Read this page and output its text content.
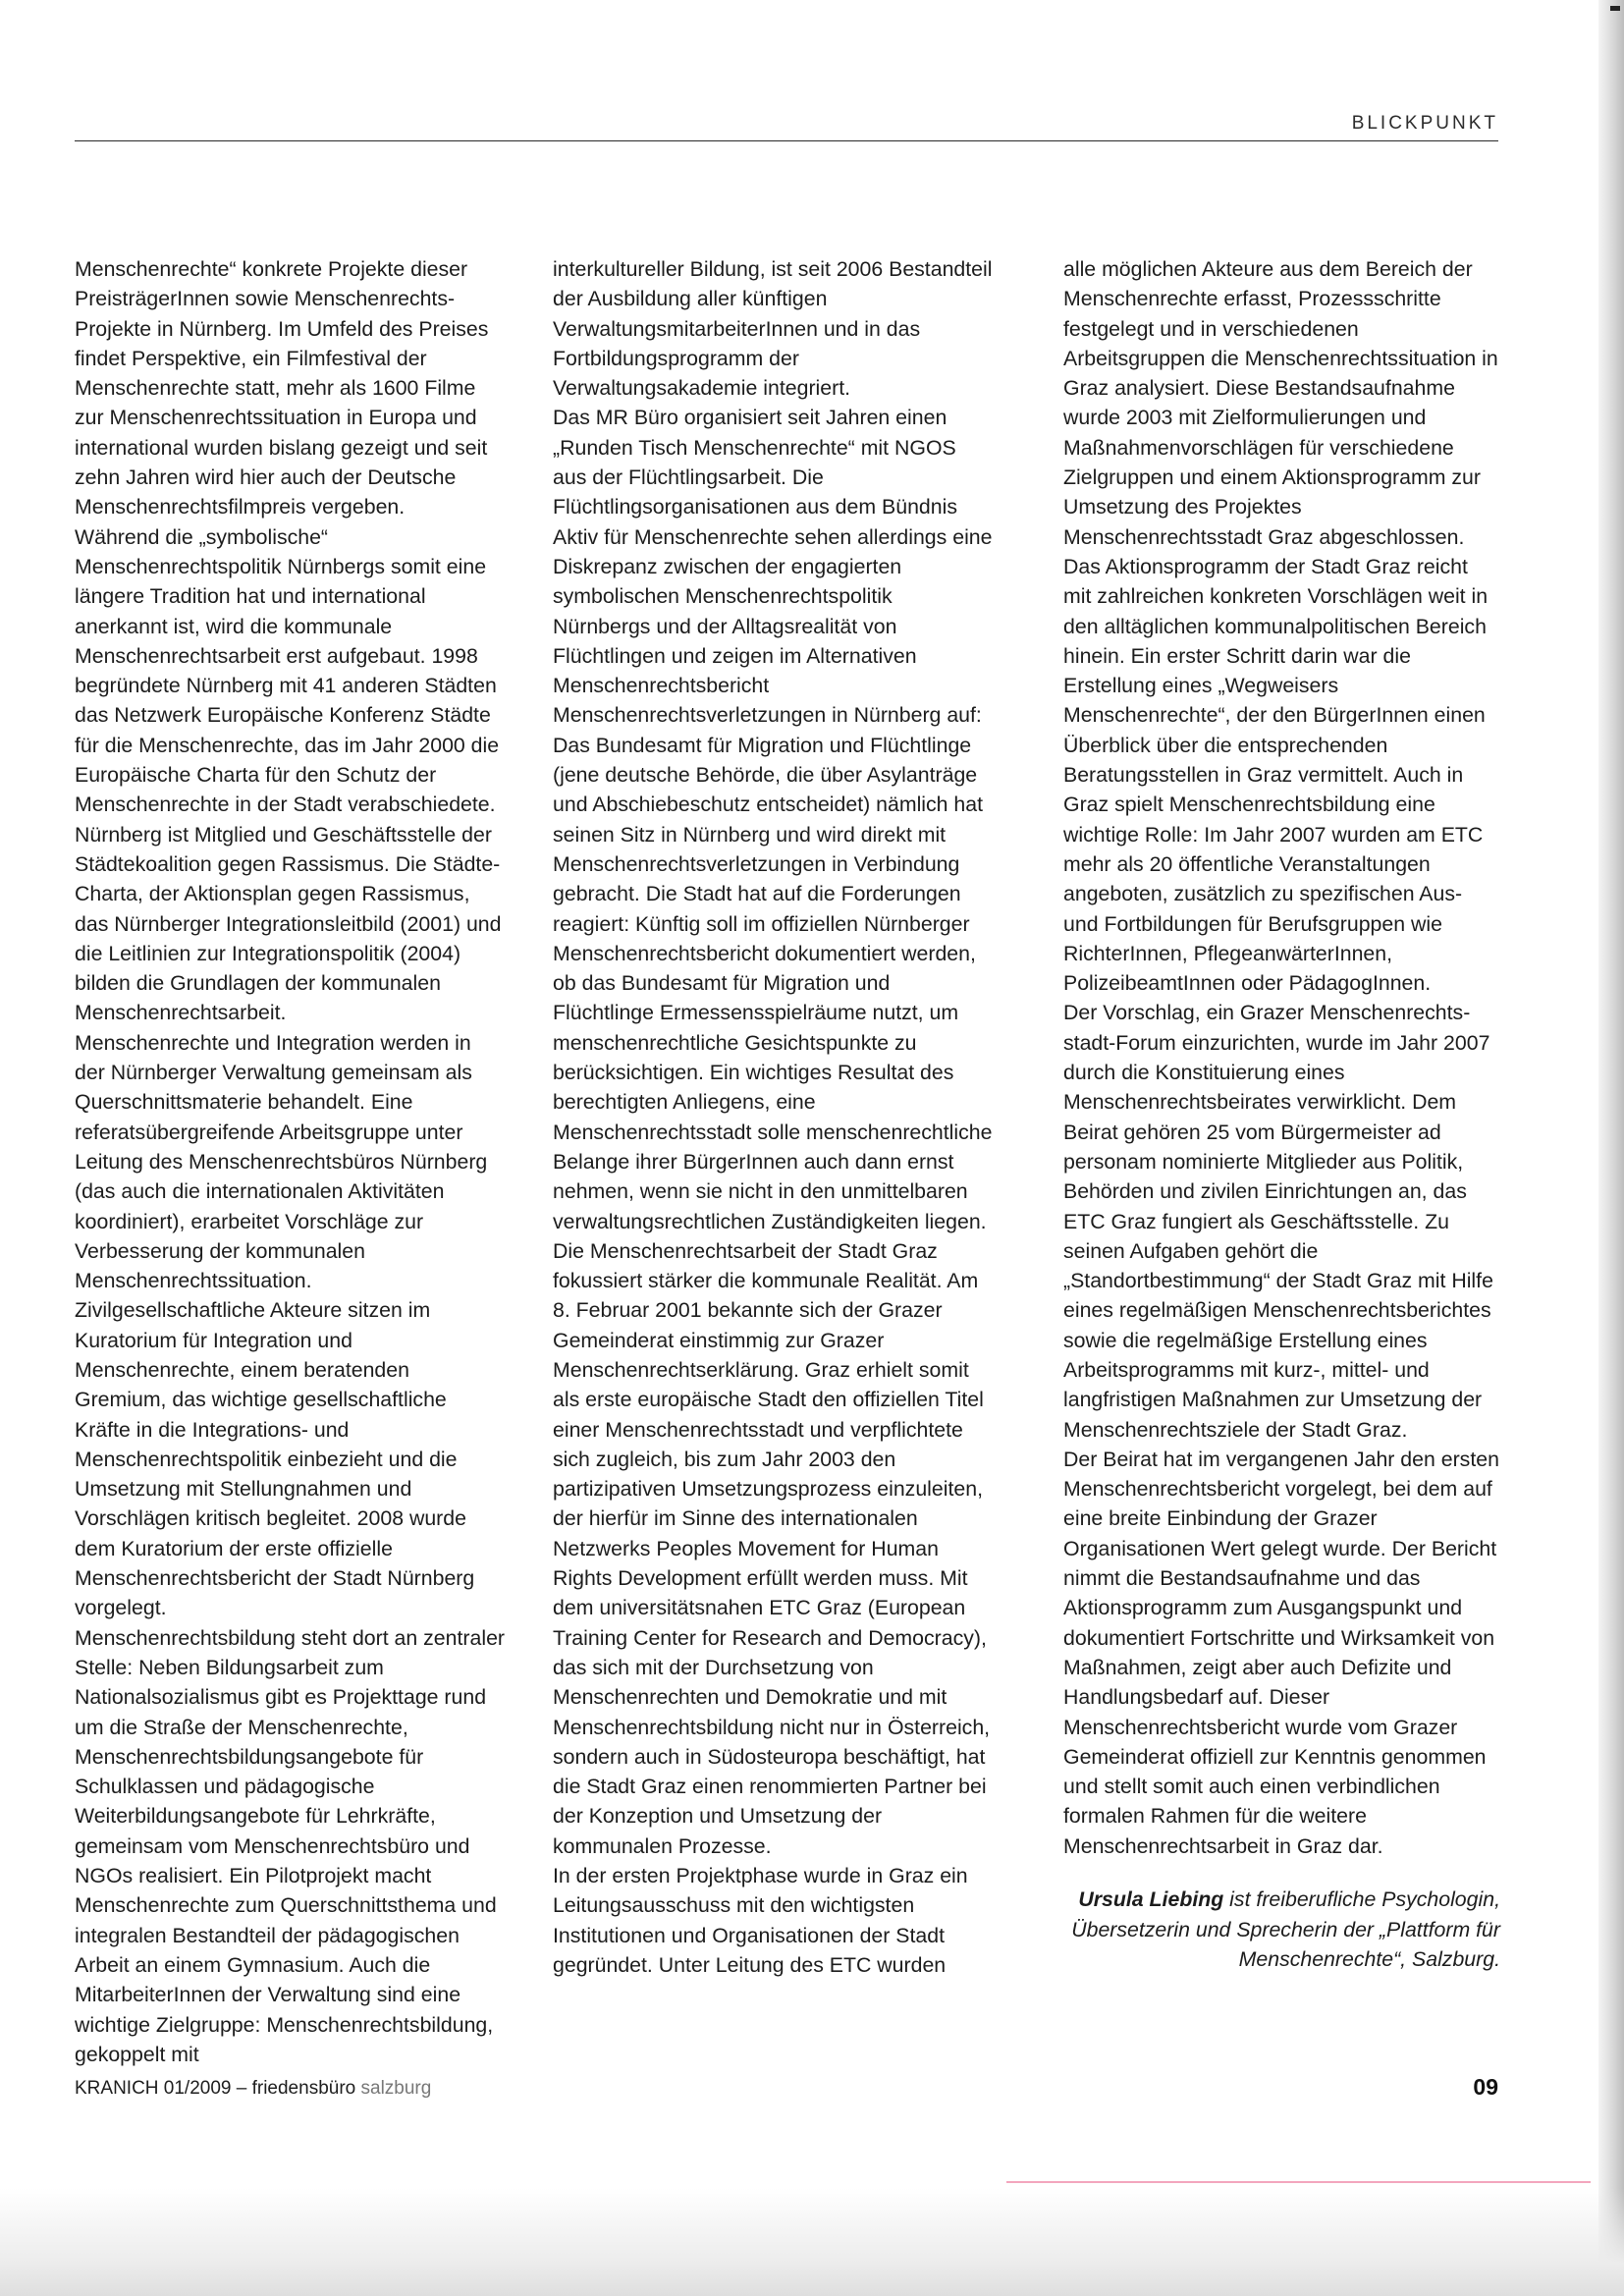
BLICKPUNKT

Menschenrechte“ konkrete Projekte dieser PreisträgerInnen sowie Menschenrechts-Projekte in Nürnberg. Im Umfeld des Preises findet Perspektive, ein Filmfestival der Menschenrechte statt, mehr als 1600 Filme zur Menschenrechtssituation in Europa und international wurden bislang gezeigt und seit zehn Jahren wird hier auch der Deutsche Menschenrechtsfilmpreis vergeben.

Während die „symbolische“ Menschenrechtspolitik Nürnbergs somit eine längere Tradition hat und international anerkannt ist, wird die kommunale Menschenrechtsarbeit erst aufgebaut. 1998 begründete Nürnberg mit 41 anderen Städten das Netzwerk Europäische Konferenz Städte für die Menschenrechte, das im Jahr 2000 die Europäische Charta für den Schutz der Menschenrechte in der Stadt verabschiedete. Nürnberg ist Mitglied und Geschäftsstelle der Städtekoalition gegen Rassismus. Die Städte-Charta, der Aktionsplan gegen Rassismus, das Nürnberger Integrationsleitbild (2001) und die Leitlinien zur Integrationspolitik (2004) bilden die Grundlagen der kommunalen Menschenrechtsarbeit.

Menschenrechte und Integration werden in der Nürnberger Verwaltung gemeinsam als Querschnittsmaterie behandelt. Eine referatsübergreifende Arbeitsgruppe unter Leitung des Menschenrechtsbüros Nürnberg (das auch die internationalen Aktivitäten koordiniert), erarbeitet Vorschläge zur Verbesserung der kommunalen Menschenrechtssituation. Zivilgesellschaftliche Akteure sitzen im Kuratorium für Integration und Menschenrechte, einem beratenden Gremium, das wichtige gesellschaftliche Kräfte in die Integrations- und Menschenrechtspolitik einbezieht und die Umsetzung mit Stellungnahmen und Vorschlägen kritisch begleitet. 2008 wurde dem Kuratorium der erste offizielle Menschenrechtsbericht der Stadt Nürnberg vorgelegt.

Menschenrechtsbildung steht dort an zentraler Stelle: Neben Bildungsarbeit zum Nationalsozialismus gibt es Projekttage rund um die Straße der Menschenrechte, Menschenrechtsbildungsangebote für Schulklassen und pädagogische Weiterbildungsangebote für Lehrkräfte, gemeinsam vom Menschenrechtsbüro und NGOs realisiert. Ein Pilotprojekt macht Menschenrechte zum Querschnittsthema und integralen Bestandteil der pädagogischen Arbeit an einem Gymnasium. Auch die MitarbeiterInnen der Verwaltung sind eine wichtige Zielgruppe: Menschenrechtsbildung, gekoppelt mit

interkultureller Bildung, ist seit 2006 Bestandteil der Ausbildung aller künftigen VerwaltungsmitarbeiterInnen und in das Fortbildungsprogramm der Verwaltungsakademie integriert.

Das MR Büro organisiert seit Jahren einen „Runden Tisch Menschenrechte“ mit NGOS aus der Flüchtlingsarbeit. Die Flüchtlingsorganisationen aus dem Bündnis Aktiv für Menschenrechte sehen allerdings eine Diskrepanz zwischen der engagierten symbolischen Menschenrechtspolitik Nürnbergs und der Alltagsrealität von Flüchtlingen und zeigen im Alternativen Menschenrechtsbericht Menschenrechtsverletzungen in Nürnberg auf: Das Bundesamt für Migration und Flüchtlinge (jene deutsche Behörde, die über Asylanträge und Abschiebeschutz entscheidet) nämlich hat seinen Sitz in Nürnberg und wird direkt mit Menschenrechtsverletzungen in Verbindung gebracht. Die Stadt hat auf die Forderungen reagiert: Künftig soll im offiziellen Nürnberger Menschenrechtsbericht dokumentiert werden, ob das Bundesamt für Migration und Flüchtlinge Ermessensspielräume nutzt, um menschenrechtliche Gesichtspunkte zu berücksichtigen. Ein wichtiges Resultat des berechtigten Anliegens, eine Menschenrechtsstadt solle menschenrechtliche Belange ihrer BürgerInnen auch dann ernst nehmen, wenn sie nicht in den unmittelbaren verwaltungsrechtlichen Zuständigkeiten liegen.

Die Menschenrechtsarbeit der Stadt Graz fokussiert stärker die kommunale Realität. Am 8. Februar 2001 bekannte sich der Grazer Gemeinderat einstimmig zur Grazer Menschenrechtserklärung. Graz erhielt somit als erste europäische Stadt den offiziellen Titel einer Menschenrechtsstadt und verpflichtete sich zugleich, bis zum Jahr 2003 den partizipativen Umsetzungsprozess einzuleiten, der hierfür im Sinne des internationalen Netzwerks Peoples Movement for Human Rights Development erfüllt werden muss. Mit dem universitätsnahen ETC Graz (European Training Center for Research and Democracy), das sich mit der Durchsetzung von Menschenrechten und Demokratie und mit Menschenrechtsbildung nicht nur in Österreich, sondern auch in Südosteuropa beschäftigt, hat die Stadt Graz einen renommierten Partner bei der Konzeption und Umsetzung der kommunalen Prozesse.

In der ersten Projektphase wurde in Graz ein Leitungsausschuss mit den wichtigsten Institutionen und Organisationen der Stadt gegründet. Unter Leitung des ETC wurden

alle möglichen Akteure aus dem Bereich der Menschenrechte erfasst, Prozessschritte festgelegt und in verschiedenen Arbeitsgruppen die Menschenrechtssituation in Graz analysiert. Diese Bestandsaufnahme wurde 2003 mit Zielformulierungen und Maßnahmenvorschlägen für verschiedene Zielgruppen und einem Aktionsprogramm zur Umsetzung des Projektes Menschenrechtsstadt Graz abgeschlossen.

Das Aktionsprogramm der Stadt Graz reicht mit zahlreichen konkreten Vorschlägen weit in den alltäglichen kommunalpolitischen Bereich hinein. Ein erster Schritt darin war die Erstellung eines „Wegweisers Menschenrechte“, der den BürgerInnen einen Überblick über die entsprechenden Beratungsstellen in Graz vermittelt. Auch in Graz spielt Menschenrechtsbildung eine wichtige Rolle: Im Jahr 2007 wurden am ETC mehr als 20 öffentliche Veranstaltungen angeboten, zusätzlich zu spezifischen Aus- und Fortbildungen für Berufsgruppen wie RichterInnen, PflegeanwärterInnen, PolizeibeamtInnen oder PädagogInnen.

Der Vorschlag, ein Grazer Menschenrechts-stadt-Forum einzurichten, wurde im Jahr 2007 durch die Konstituierung eines Menschenrechtsbeirates verwirklicht. Dem Beirat gehören 25 vom Bürgermeister ad personam nominierte Mitglieder aus Politik, Behörden und zivilen Einrichtungen an, das ETC Graz fungiert als Geschäftsstelle. Zu seinen Aufgaben gehört die „Standortbestimmung“ der Stadt Graz mit Hilfe eines regelmäßigen Menschenrechtsberichtes sowie die regelmäßige Erstellung eines Arbeitsprogramms mit kurz-, mittel- und langfristigen Maßnahmen zur Umsetzung der Menschenrechtsziele der Stadt Graz.

Der Beirat hat im vergangenen Jahr den ersten Menschenrechtsbericht vorgelegt, bei dem auf eine breite Einbindung der Grazer Organisationen Wert gelegt wurde. Der Bericht nimmt die Bestandsaufnahme und das Aktionsprogramm zum Ausgangspunkt und dokumentiert Fortschritte und Wirksamkeit von Maßnahmen, zeigt aber auch Defizite und Handlungsbedarf auf. Dieser Menschenrechtsbericht wurde vom Grazer Gemeinderat offiziell zur Kenntnis genommen und stellt somit auch einen verbindlichen formalen Rahmen für die weitere Menschenrechtsarbeit in Graz dar.

Ursula Liebing ist freiberufliche Psychologin, Übersetzerin und Sprecherin der „Plattform für Menschenrechte“, Salzburg.

KRANICH 01/2009 – friedensbüro salzburg	09
